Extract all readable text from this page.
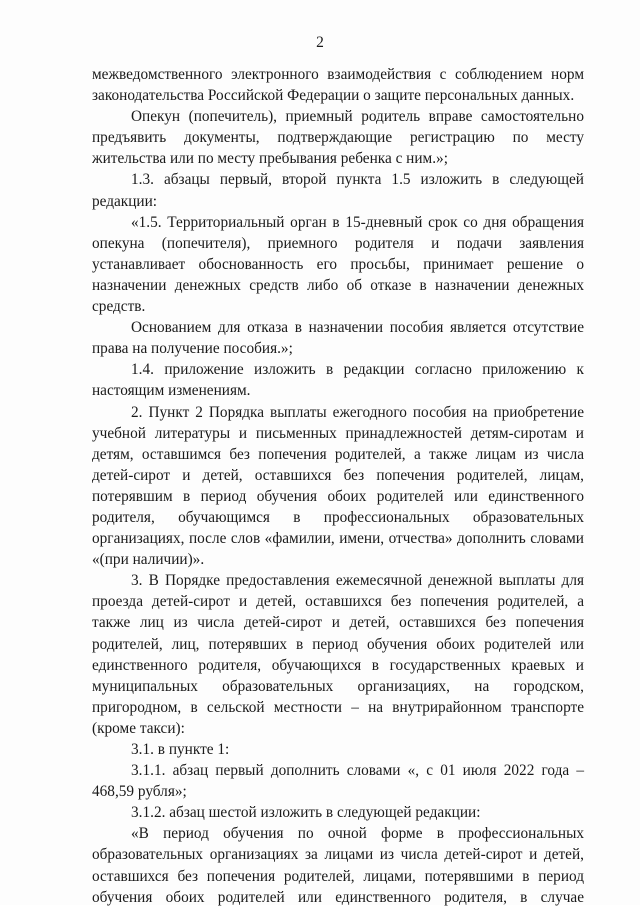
2

межведомственного электронного взаимодействия с соблюдением норм законодательства Российской Федерации о защите персональных данных.

Опекун (попечитель), приемный родитель вправе самостоятельно предъявить документы, подтверждающие регистрацию по месту жительства или по месту пребывания ребенка с ним.»;

1.3. абзацы первый, второй пункта 1.5 изложить в следующей редакции:

«1.5. Территориальный орган в 15-дневный срок со дня обращения опекуна (попечителя), приемного родителя и подачи заявления устанавливает обоснованность его просьбы, принимает решение о назначении денежных средств либо об отказе в назначении денежных средств.

Основанием для отказа в назначении пособия является отсутствие права на получение пособия.»;

1.4. приложение изложить в редакции согласно приложению к настоящим изменениям.

2. Пункт 2 Порядка выплаты ежегодного пособия на приобретение учебной литературы и письменных принадлежностей детям-сиротам и детям, оставшимся без попечения родителей, а также лицам из числа детей-сирот и детей, оставшихся без попечения родителей, лицам, потерявшим в период обучения обоих родителей или единственного родителя, обучающимся в профессиональных образовательных организациях, после слов «фамилии, имени, отчества» дополнить словами «(при наличии)».

3. В Порядке предоставления ежемесячной денежной выплаты для проезда детей-сирот и детей, оставшихся без попечения родителей, а также лиц из числа детей-сирот и детей, оставшихся без попечения родителей, лиц, потерявших в период обучения обоих родителей или единственного родителя, обучающихся в государственных краевых и муниципальных образовательных организациях, на городском, пригородном, в сельской местности – на внутрирайонном транспорте (кроме такси):

3.1. в пункте 1:

3.1.1. абзац первый дополнить словами «, с 01 июля 2022 года – 468,59 рубля»;

3.1.2. абзац шестой изложить в следующей редакции:

«В период обучения по очной форме в профессиональных образовательных организациях за лицами из числа детей-сирот и детей, оставшихся без попечения родителей, лицами, потерявшими в период обучения обоих родителей или единственного родителя, в случае
